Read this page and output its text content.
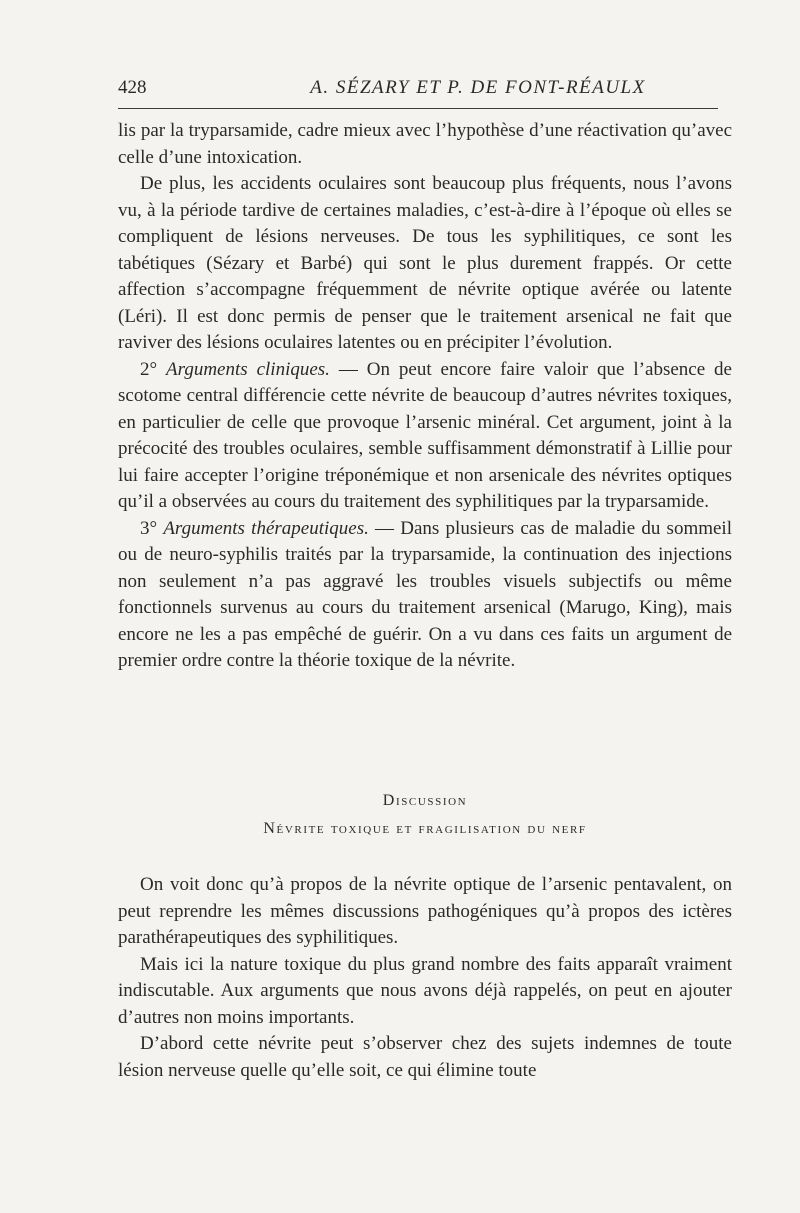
428	A. SÉZARY ET P. DE FONT-RÉAULX

lis par la tryparsamide, cadre mieux avec l’hypothèse d’une réactivation qu’avec celle d’une intoxication.

De plus, les accidents oculaires sont beaucoup plus fréquents, nous l’avons vu, à la période tardive de certaines maladies, c’est-à-dire à l’époque où elles se compliquent de lésions nerveuses. De tous les syphilitiques, ce sont les tabétiques (Sézary et Barbé) qui sont le plus durement frappés. Or cette affection s’accompagne fréquemment de névrite optique avérée ou latente (Léri). Il est donc permis de penser que le traitement arsenical ne fait que raviver des lésions oculaires latentes ou en précipiter l’évolution.

2° Arguments cliniques. — On peut encore faire valoir que l’absence de scotome central différencie cette névrite de beaucoup d’autres névrites toxiques, en particulier de celle que provoque l’arsenic minéral. Cet argument, joint à la précocité des troubles oculaires, semble suffisamment démonstratif à Lillie pour lui faire accepter l’origine tréponémique et non arsenicale des névrites optiques qu’il a observées au cours du traitement des syphilitiques par la tryparsamide.

3° Arguments thérapeutiques. — Dans plusieurs cas de maladie du sommeil ou de neuro-syphilis traités par la tryparsamide, la continuation des injections non seulement n’a pas aggravé les troubles visuels subjectifs ou même fonctionnels survenus au cours du traitement arsenical (Marugo, King), mais encore ne les a pas empêché de guérir. On a vu dans ces faits un argument de premier ordre contre la théorie toxique de la névrite.

Discussion
Névrite toxique et fragilisation du nerf

On voit donc qu’à propos de la névrite optique de l’arsenic pentavalent, on peut reprendre les mêmes discussions pathogéniques qu’à propos des ictères parathérapeutiques des syphilitiques.

Mais ici la nature toxique du plus grand nombre des faits apparaît vraiment indiscutable. Aux arguments que nous avons déjà rappelés, on peut en ajouter d’autres non moins importants.

D’abord cette névrite peut s’observer chez des sujets indemnes de toute lésion nerveuse quelle qu’elle soit, ce qui élimine toute
